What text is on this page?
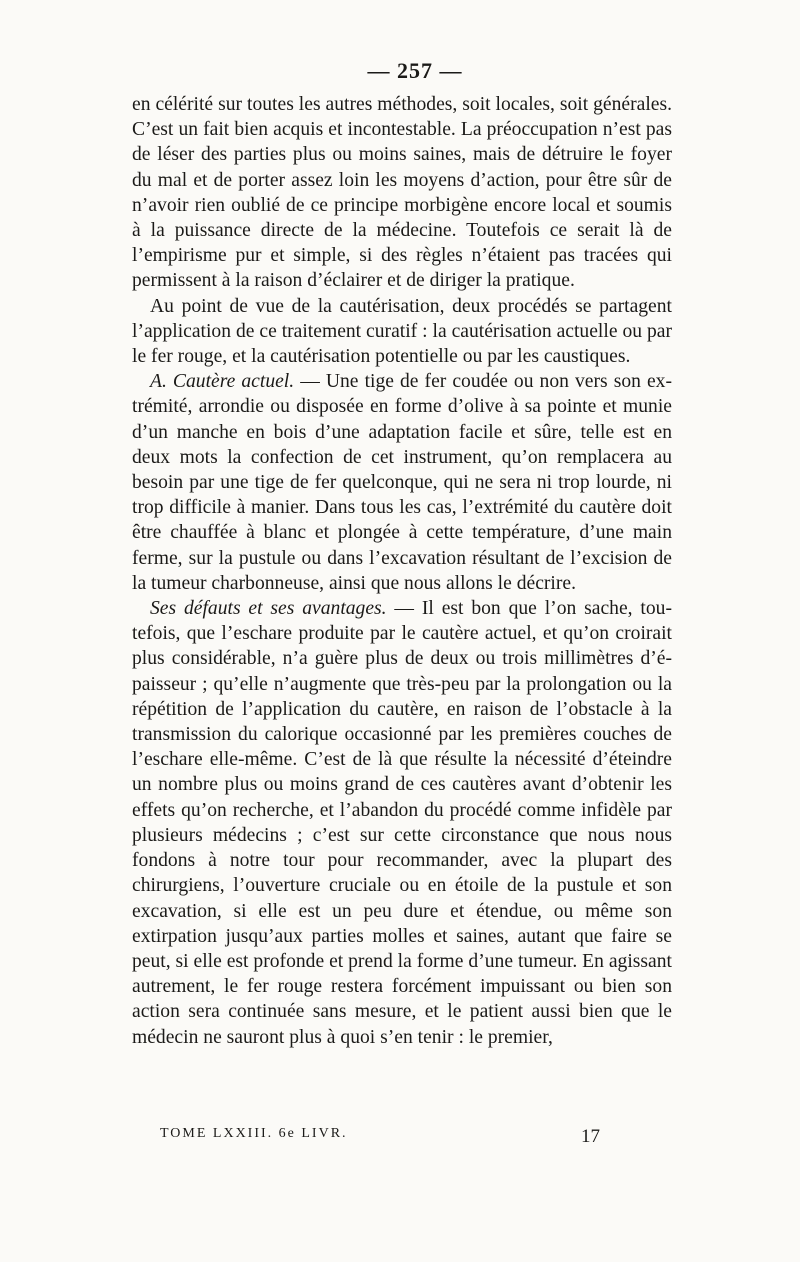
— 257 —

en célérité sur toutes les autres méthodes, soit locales, soit générales. C’est un fait bien acquis et incontestable. La préoccupation n’est pas de léser des parties plus ou moins saines, mais de détruire le foyer du mal et de porter assez loin les moyens d’action, pour être sûr de n’avoir rien oublié de ce principe morbigène encore local et soumis à la puissance directe de la médecine. Toutefois ce serait là de l’empirisme pur et simple, si des règles n’étaient pas tracées qui permissent à la raison d’éclairer et de diriger la pratique.

Au point de vue de la cautérisation, deux procédés se partagent l’application de ce traitement curatif : la cautérisation actuelle ou par le fer rouge, et la cautérisation potentielle ou par les caustiques.

A. Cautère actuel. — Une tige de fer coudée ou non vers son extrémité, arrondie ou disposée en forme d’olive à sa pointe et munie d’un manche en bois d’une adaptation facile et sûre, telle est en deux mots la confection de cet instrument, qu’on remplacera au besoin par une tige de fer quelconque, qui ne sera ni trop lourde, ni trop difficile à manier. Dans tous les cas, l’extrémité du cautère doit être chauffée à blanc et plongée à cette température, d’une main ferme, sur la pustule ou dans l’excavation résultant de l’excision de la tumeur charbonneuse, ainsi que nous allons le décrire.

Ses défauts et ses avantages. — Il est bon que l’on sache, toutefois, que l’eschare produite par le cautère actuel, et qu’on croirait plus considérable, n’a guère plus de deux ou trois millimètres d’épaisseur ; qu’elle n’augmente que très-peu par la prolongation ou la répétition de l’application du cautère, en raison de l’obstacle à la transmission du calorique occasionné par les premières couches de l’eschare elle-même. C’est de là que résulte la nécessité d’éteindre un nombre plus ou moins grand de ces cautères avant d’obtenir les effets qu’on recherche, et l’abandon du procédé comme infidèle par plusieurs médecins ; c’est sur cette circonstance que nous nous fondons à notre tour pour recommander, avec la plupart des chirurgiens, l’ouverture cruciale ou en étoile de la pustule et son excavation, si elle est un peu dure et étendue, ou même son extirpation jusqu’aux parties molles et saines, autant que faire se peut, si elle est profonde et prend la forme d’une tumeur. En agissant autrement, le fer rouge restera forcément impuissant ou bien son action sera continuée sans mesure, et le patient aussi bien que le médecin ne sauront plus à quoi s’en tenir : le premier,

TOME LXXIII. 6e LIVR.	17
